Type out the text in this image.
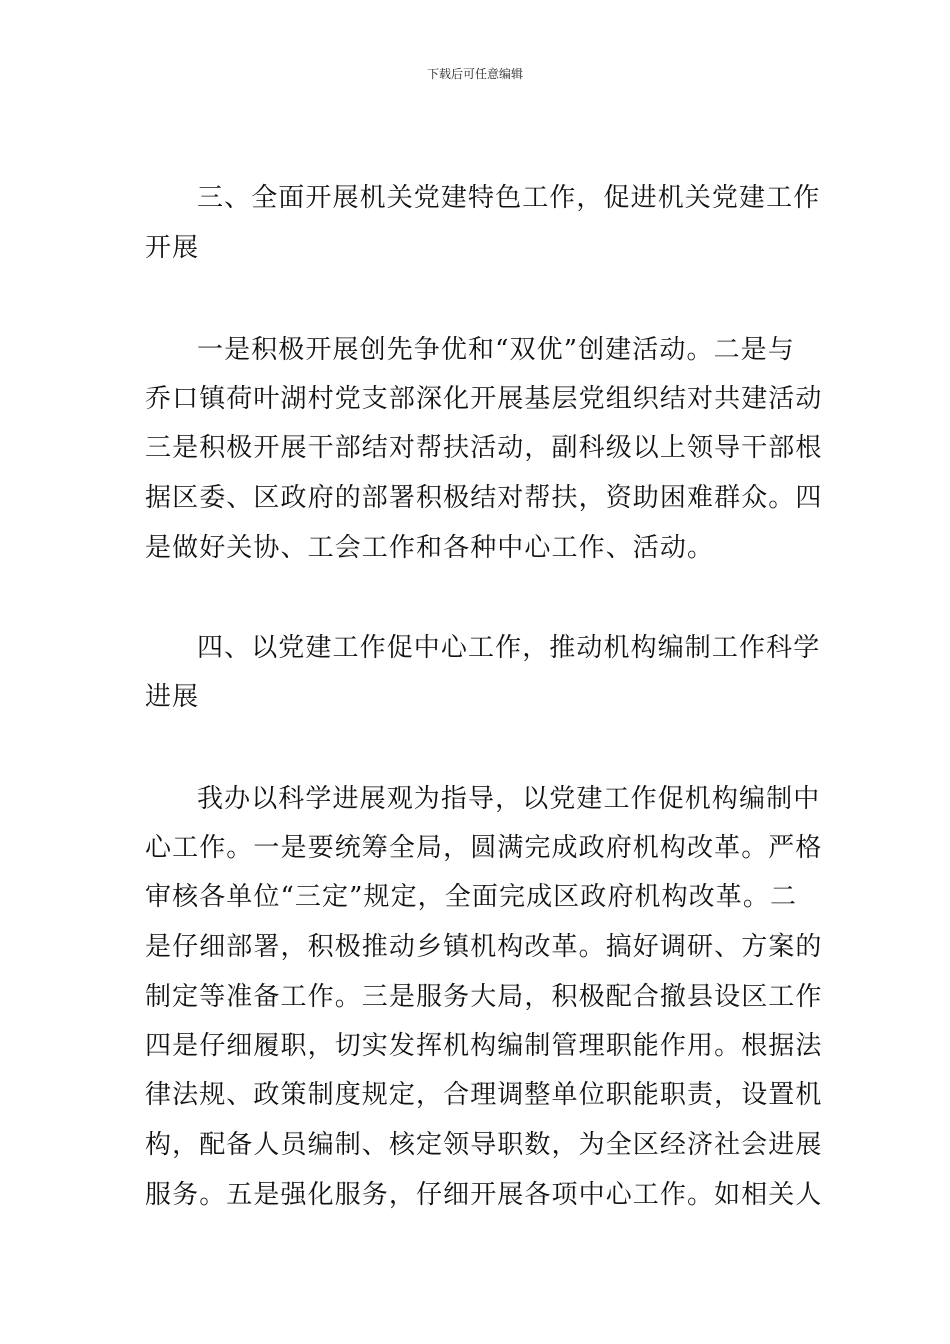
下载后可任意编辑
三、全面开展机关党建特色工作，促进机关党建工作
开展
一是积极开展创先争优和“双优”创建活动。二是与
乔口镇荷叶湖村党支部深化开展基层党组织结对共建活动
三是积极开展干部结对帮扶活动，副科级以上领导干部根
据区委、区政府的部署积极结对帮扶，资助困难群众。四
是做好关协、工会工作和各种中心工作、活动。
四、以党建工作促中心工作，推动机构编制工作科学
进展
我办以科学进展观为指导，以党建工作促机构编制中
心工作。一是要统筹全局，圆满完成政府机构改革。严格
审核各单位“三定”规定，全面完成区政府机构改革。二
是仔细部署，积极推动乡镇机构改革。搞好调研、方案的
制定等准备工作。三是服务大局，积极配合撤县设区工作
四是仔细履职，切实发挥机构编制管理职能作用。根据法
律法规、政策制度规定，合理调整单位职能职责，设置机
构，配备人员编制、核定领导职数，为全区经济社会进展
服务。五是强化服务，仔细开展各项中心工作。如相关人
